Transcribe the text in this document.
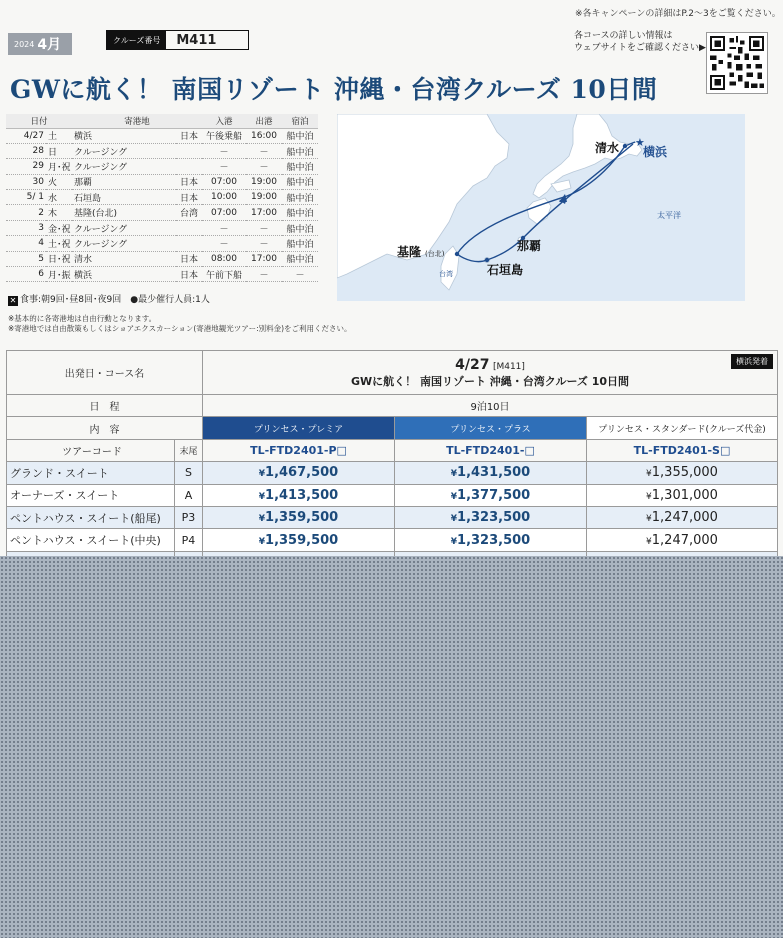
※各キャンペーンの詳細はP.2～3をご覧ください。
2024 4月	クルーズ番号	M411	各コースの詳しい情報は
ウェブサイトをご確認ください▶
GWに航く！ 南国リゾート 沖縄・台湾クルーズ 10日間
日付		寄港地		入港	出港	宿泊
4/27	土	横浜	日本	午後乗船	16:00	船中泊
28	日	クルージング		－	－	船中泊
29	月･祝	クルージング		－	－	船中泊
30	火	那覇	日本	07:00	19:00	船中泊
5/ 1	水	石垣島	日本	10:00	19:00	船中泊
2	木	基隆(台北)	台湾	07:00	17:00	船中泊
3	金･祝	クルージング		－	－	船中泊
4	土･祝	クルージング		－	－	船中泊
5	日･祝	清水	日本	08:00	17:00	船中泊
6	月･振	横浜	日本	午前下船	－	－
✕ 食事:朝9回･昼8回･夜9回　●最少催行人員:1人
※基本的に各寄港地は自由行動となります。
※寄港地では自由散策もしくはショアエクスカーション(寄港地観光ツアー:別料金)をご利用ください。
★
清水 横浜
太平洋
基隆 (台北)
那覇
石垣島
台湾
出発日・コース名		4/27 [M411]
GWに航く！ 南国リゾート 沖縄・台湾クルーズ 10日間
横浜発着		

日　程		9泊10日		
内　容		プリンセス・プレミア	プリンセス・プラス	プリンセス・スタンダード(クルーズ代金)
ツアーコード	末尾	TL-FTD2401-P□	TL-FTD2401-□	TL-FTD2401-S□
グランド・スイート	S	¥1,467,500	¥1,431,500	¥1,355,000
オーナーズ・スイート	A	¥1,413,500	¥1,377,500	¥1,301,000
ペントハウス・スイート(船尾)	P3	¥1,359,500	¥1,323,500	¥1,247,000
ペントハウス・スイート(中央)	P4	¥1,359,500	¥1,323,500	¥1,247,000
